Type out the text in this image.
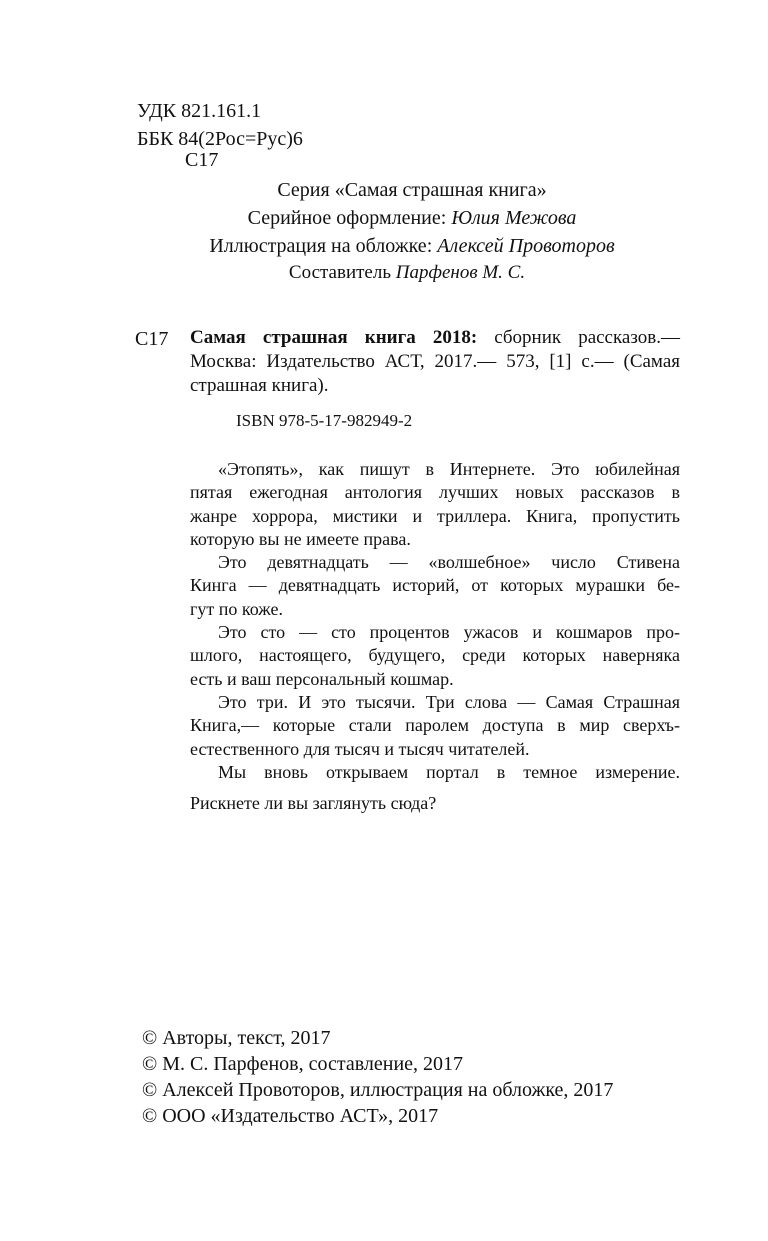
УДК 821.161.1
ББК 84(2Рос=Рус)6
С17
Серия «Самая страшная книга»
Серийное оформление: Юлия Межова
Иллюстрация на обложке: Алексей Провоторов
Составитель Парфенов М. С.
С17 Самая страшная книга 2018: сборник рассказов.— Москва: Издательство АСТ, 2017.— 573, [1] с.— (Самая страшная книга).
ISBN 978-5-17-982949-2
«Этопять», как пишут в Интернете. Это юбилейная
пятая ежегодная антология лучших новых рассказов в
жанре хоррора, мистики и триллера. Книга, пропустить
которую вы не имеете права.
Это девятнадцать — «волшебное» число Стивена
Кинга — девятнадцать историй, от которых мурашки бе-
гут по коже.
Это сто — сто процентов ужасов и кошмаров про-
шлого, настоящего, будущего, среди которых наверняка
есть и ваш персональный кошмар.
Это три. И это тысячи. Три слова — Самая Страшная
Книга,— которые стали паролем доступа в мир сверхъ-
естественного для тысяч и тысяч читателей.
Мы вновь открываем портал в темное измерение.
Рискнете ли вы заглянуть сюда?
© Авторы, текст, 2017
© М. С. Парфенов, составление, 2017
© Алексей Провоторов, иллюстрация на обложке, 2017
© ООО «Издательство АСТ», 2017
